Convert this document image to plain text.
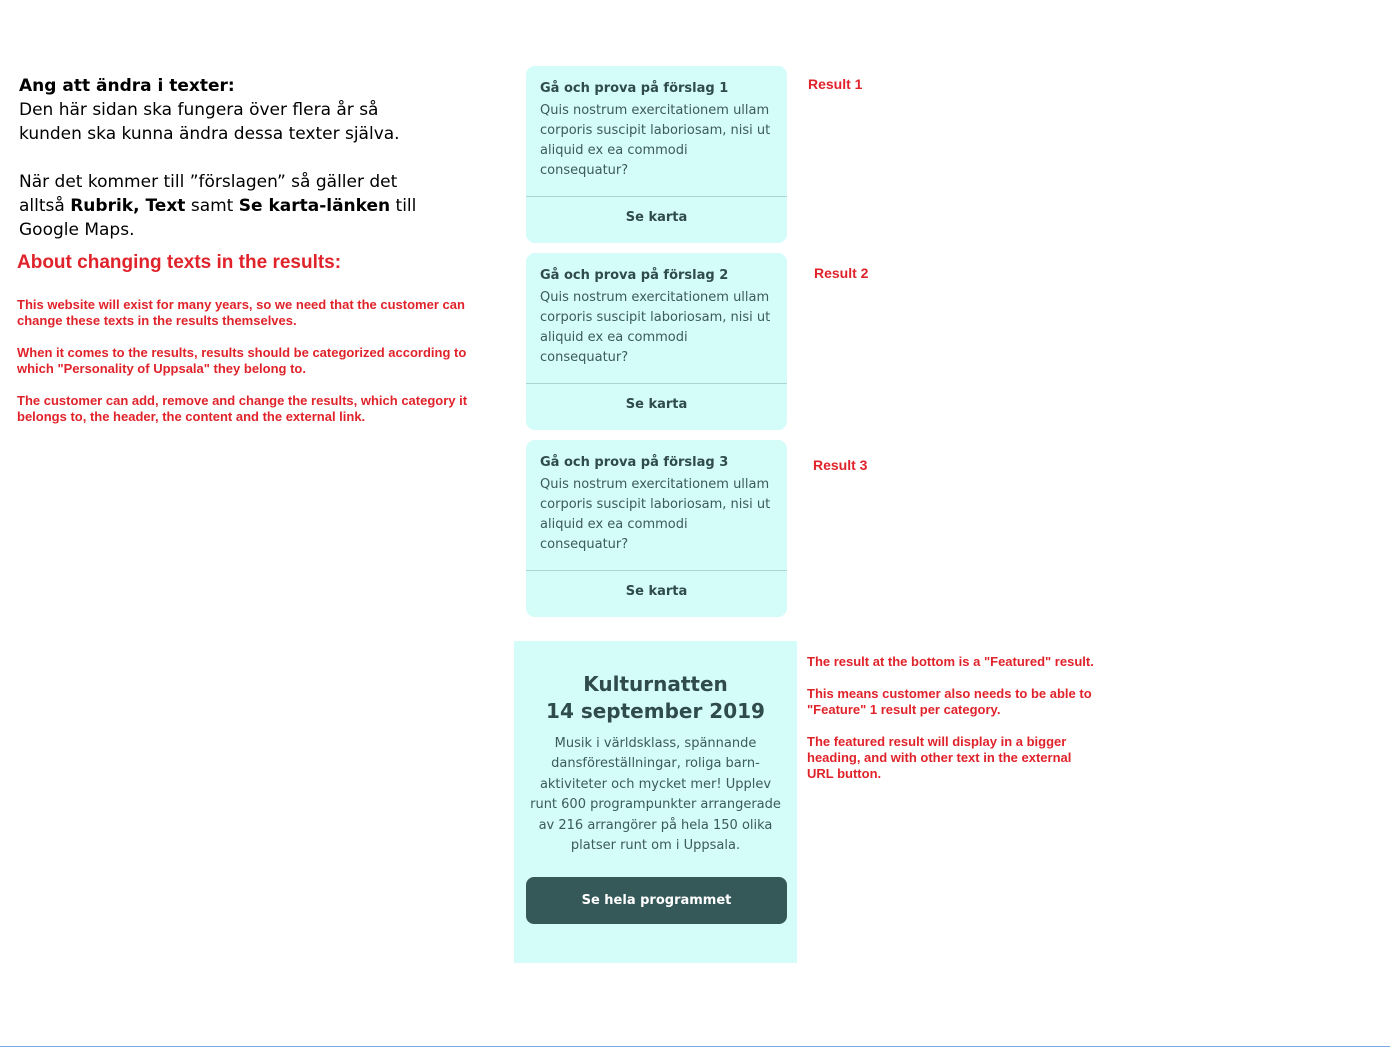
Ang att ändra i texter:

Den här sidan ska fungera över flera år så

kunden ska kunna ändra dessa texter själva.

När det kommer till ”förslagen” så gäller det

alltså Rubrik, Text samt Se karta-länken till

Google Maps.

About changing texts in the results:
This website will exist for many years, so we need that the customer can
change these texts in the results themselves.
When it comes to the results, results should be categorized according to
which "Personality of Uppsala" they belong to.
The customer can add, remove and change the results, which category it
belongs to, the header, the content and the external link.
Gå och prova på förslag 1
Quis nostrum exercitationem ullam corporis suscipit laboriosam, nisi ut aliquid ex ea commodi consequatur?
Se karta
Result 1
Gå och prova på förslag 2
Quis nostrum exercitationem ullam corporis suscipit laboriosam, nisi ut aliquid ex ea commodi consequatur?
Se karta
Result 2
Gå och prova på förslag 3
Quis nostrum exercitationem ullam corporis suscipit laboriosam, nisi ut aliquid ex ea commodi consequatur?
Se karta
Result 3
Kulturnatten
14 september 2019
Musik i världsklass, spännande dansföreställningar, roliga barn-aktiviteter och mycket mer! Upplev runt 600 programpunkter arrangerade av 216 arrangörer på hela 150 olika platser runt om i Uppsala.
Se hela programmet
The result at the bottom is a "Featured" result.
This means customer also needs to be able to
"Feature" 1 result per category.
The featured result will display in a bigger
heading, and with other text in the external
URL button.
